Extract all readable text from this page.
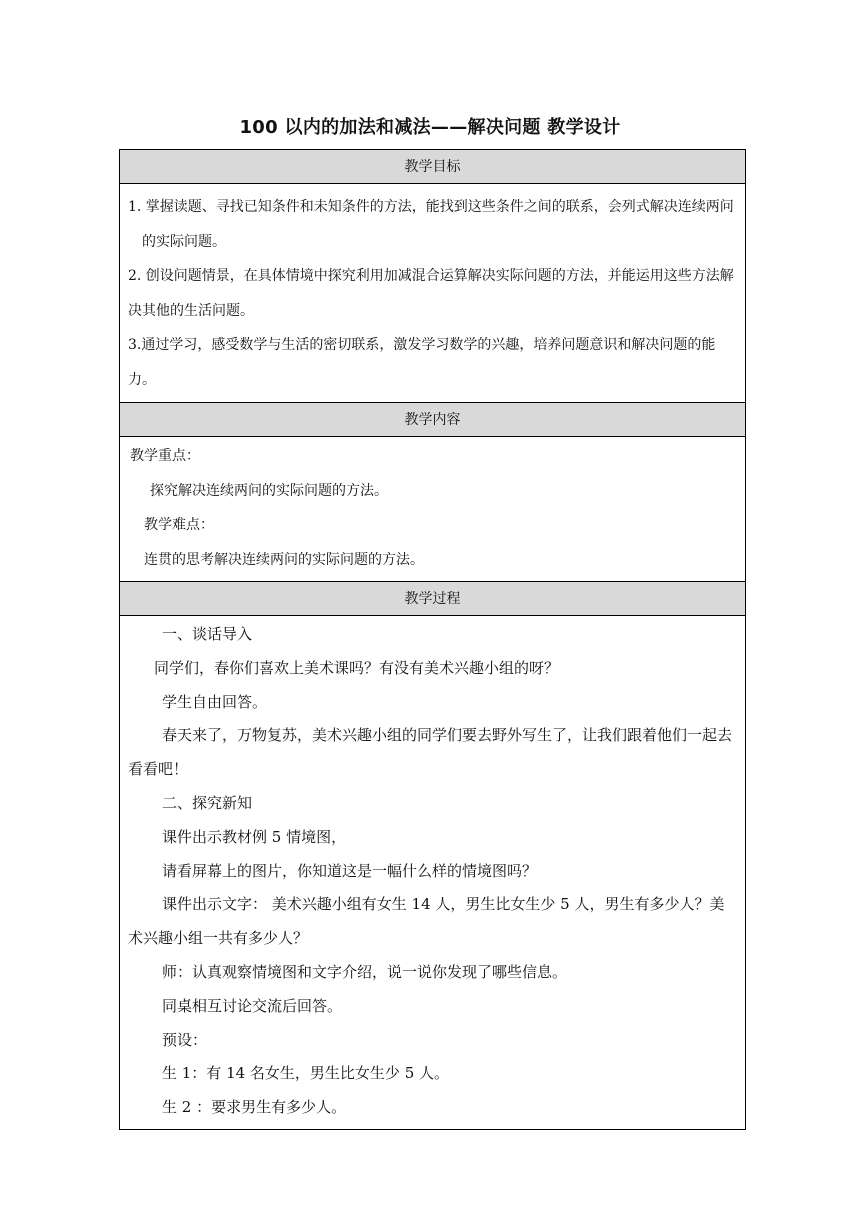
100 以内的加法和减法——解决问题 教学设计
教学目标

1. 掌握读题、寻找已知条件和未知条件的方法，能找到这些条件之间的联系，会列式解决连续两问的实际问题。

2. 创设问题情景，在具体情境中探究利用加减混合运算解决实际问题的方法，并能运用这些方法解决其他的生活问题。

3.通过学习，感受数学与生活的密切联系，激发学习数学的兴趣，培养问题意识和解决问题的能力。

教学内容

教学重点：

探究解决连续两问的实际问题的方法。

教学难点：

连贯的思考解决连续两问的实际问题的方法。

教学过程

一、谈话导入

同学们，春你们喜欢上美术课吗？有没有美术兴趣小组的呀？

学生自由回答。

春天来了，万物复苏，美术兴趣小组的同学们要去野外写生了，让我们跟着他们一起去看看吧！

二、探究新知

课件出示教材例 5 情境图，

请看屏幕上的图片，你知道这是一幅什么样的情境图吗？

课件出示文字： 美术兴趣小组有女生 14 人，男生比女生少 5 人，男生有多少人？美术兴趣小组一共有多少人？

师：认真观察情境图和文字介绍，说一说你发现了哪些信息。

同桌相互讨论交流后回答。

预设：

生 1：有 14 名女生，男生比女生少 5 人。

生 2 ：要求男生有多少人。
